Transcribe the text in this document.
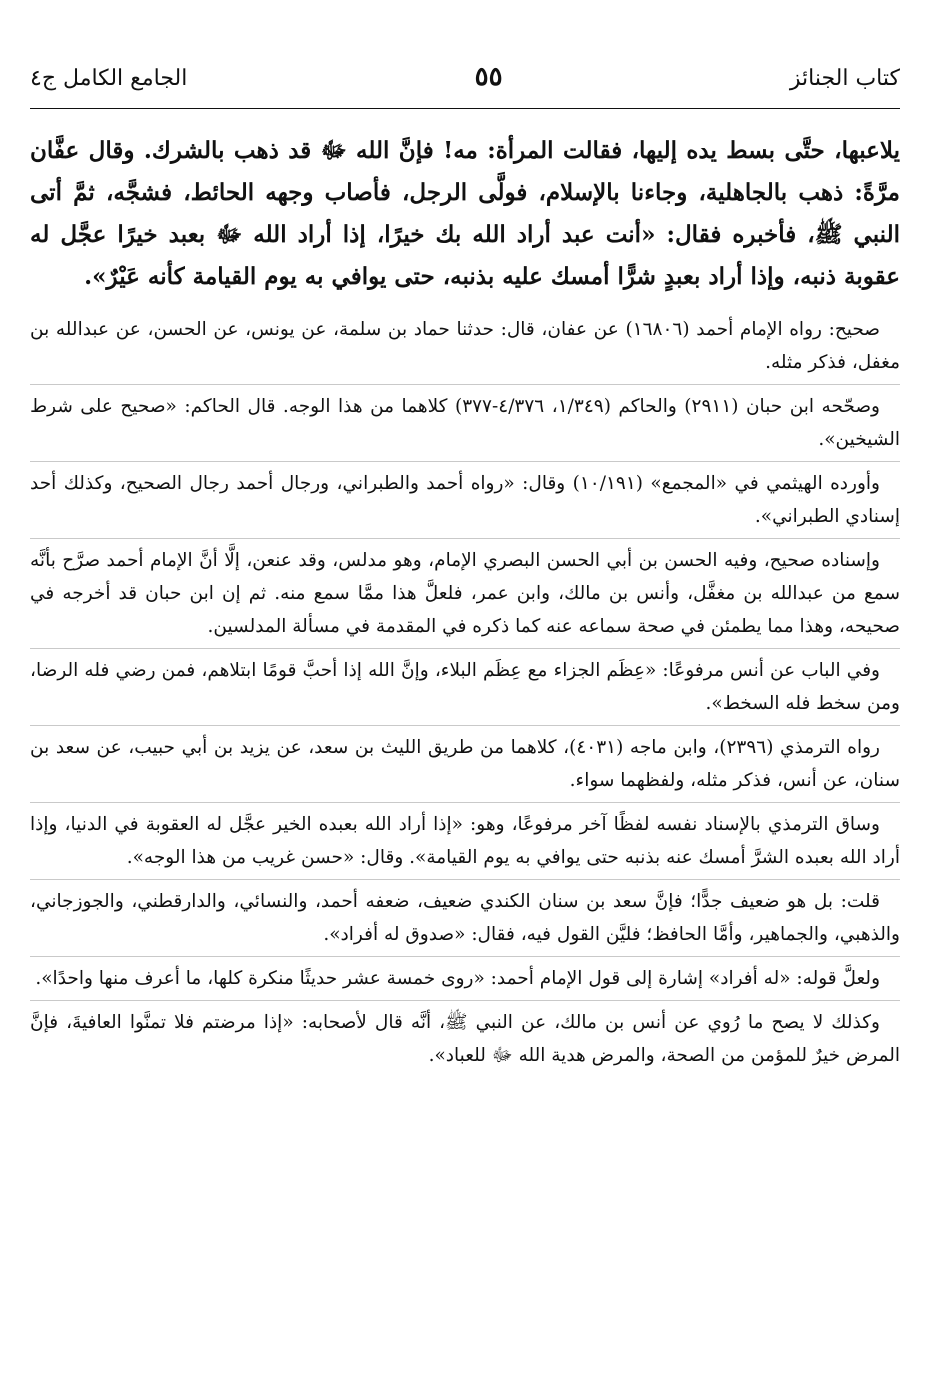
كتاب الجنائز
٥٥
الجامع الكامل ج٤

يلاعبها، حتَّى بسط يده إليها، فقالت المرأة: مه! فإنَّ الله ﷻ قد ذهب بالشرك. وقال عفَّان مرَّةً: ذهب بالجاهلية، وجاءنا بالإسلام، فولَّى الرجل، فأصاب وجهه الحائط، فشجَّه، ثمَّ أتى النبي ﷺ، فأخبره فقال: «أنت عبد أراد الله بك خيرًا، إذا أراد الله ﷻ بعبد خيرًا عجَّل له عقوبة ذنبه، وإذا أراد بعبدٍ شرًّا أمسك عليه بذنبه، حتى يوافي به يوم القيامة كأنه عَيْرٌ».

صحيح: رواه الإمام أحمد (١٦٨٠٦) عن عفان، قال: حدثنا حماد بن سلمة، عن يونس، عن الحسن، عن عبدالله بن مغفل، فذكر مثله.

وصحّحه ابن حبان (٢٩١١) والحاكم (١/٣٤٩، ٤/٣٧٦-٣٧٧) كلاهما من هذا الوجه. قال الحاكم: «صحيح على شرط الشيخين».

وأورده الهيثمي في «المجمع» (١٠/١٩١) وقال: «رواه أحمد والطبراني، ورجال أحمد رجال الصحيح، وكذلك أحد إسنادي الطبراني».

وإسناده صحيح، وفيه الحسن بن أبي الحسن البصري الإمام، وهو مدلس، وقد عنعن، إلَّا أنَّ الإمام أحمد صرَّح بأنَّه سمع من عبدالله بن مغفَّل، وأنس بن مالك، وابن عمر، فلعلَّ هذا ممَّا سمع منه. ثم إن ابن حبان قد أخرجه في صحيحه، وهذا مما يطمئن في صحة سماعه عنه كما ذكره في المقدمة في مسألة المدلسين.

وفي الباب عن أنس مرفوعًا: «عِظَم الجزاء مع عِظَم البلاء، وإنَّ الله إذا أحبَّ قومًا ابتلاهم، فمن رضي فله الرضا، ومن سخط فله السخط».

رواه الترمذي (٢٣٩٦)، وابن ماجه (٤٠٣١)، كلاهما من طريق الليث بن سعد، عن يزيد بن أبي حبيب، عن سعد بن سنان، عن أنس، فذكر مثله، ولفظهما سواء.

وساق الترمذي بالإسناد نفسه لفظًا آخر مرفوعًا، وهو: «إذا أراد الله بعبده الخير عجَّل له العقوبة في الدنيا، وإذا أراد الله بعبده الشرَّ أمسك عنه بذنبه حتى يوافي به يوم القيامة». وقال: «حسن غريب من هذا الوجه».

قلت: بل هو ضعيف جدًّا؛ فإنَّ سعد بن سنان الكندي ضعيف، ضعفه أحمد، والنسائي، والدارقطني، والجوزجاني، والذهبي، والجماهير، وأمَّا الحافظ؛ فليَّن القول فيه، فقال: «صدوق له أفراد».

ولعلَّ قوله: «له أفراد» إشارة إلى قول الإمام أحمد: «روى خمسة عشر حديثًا منكرة كلها، ما أعرف منها واحدًا».

وكذلك لا يصح ما رُوي عن أنس بن مالك، عن النبي ﷺ، أنَّه قال لأصحابه: «إذا مرضتم فلا تمنَّوا العافيةَ، فإنَّ المرض خيرٌ للمؤمن من الصحة، والمرض هدية الله ﷻ للعباد».
